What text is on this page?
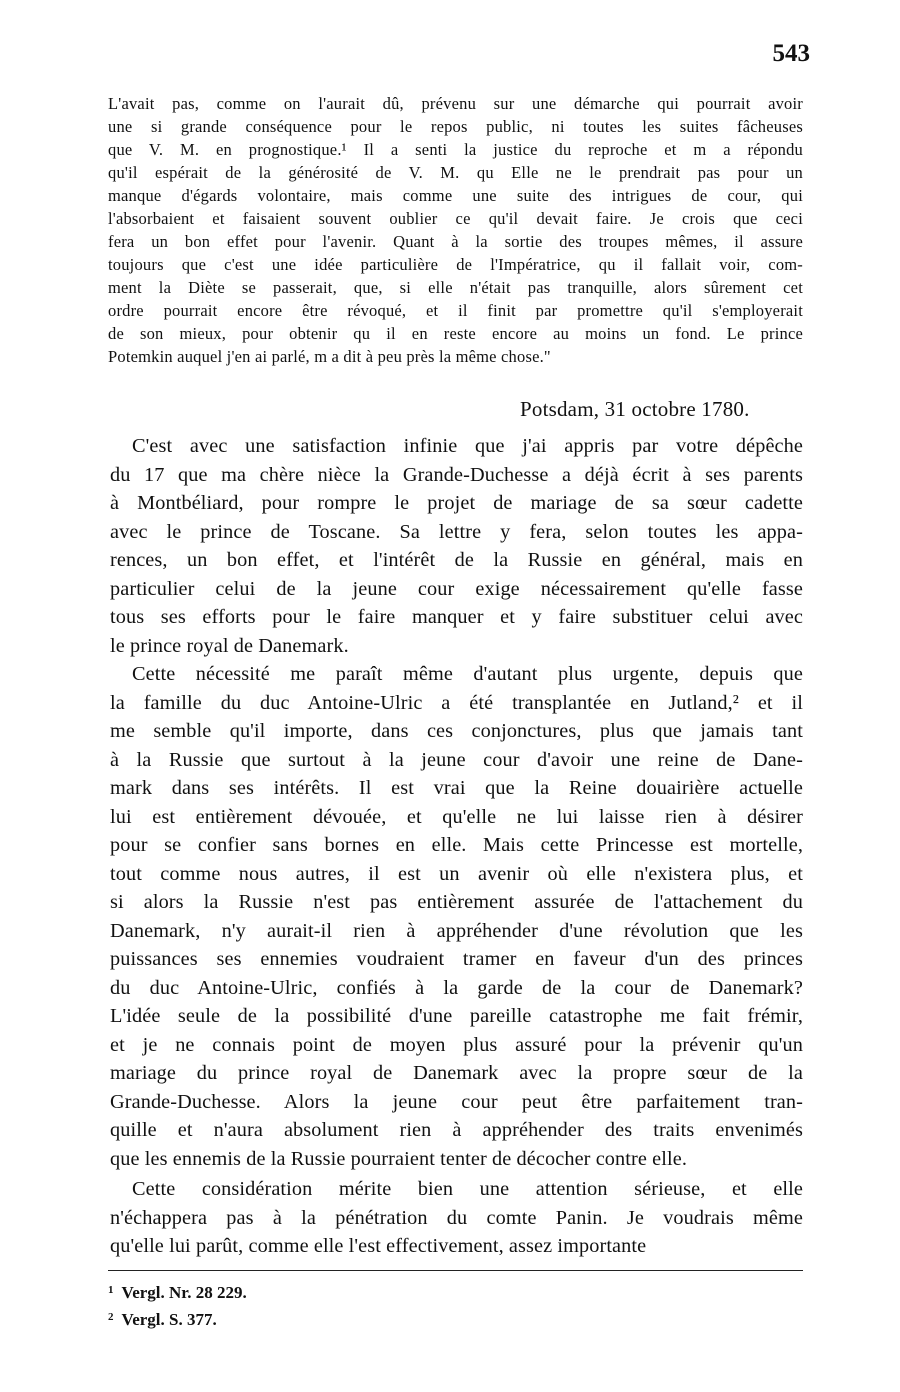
543
L'avait pas, comme on l'aurait dû, prévenu sur une démarche qui pourrait avoir
une si grande conséquence pour le repos public, ni toutes les suites fâcheuses
que V. M. en prognostique.¹ Il a senti la justice du reproche et m a répondu
qu'il espérait de la générosité de V. M. qu Elle ne le prendrait pas pour un
manque d'égards volontaire, mais comme une suite des intrigues de cour, qui
l'absorbaient et faisaient souvent oublier ce qu'il devait faire. Je crois que ceci
fera un bon effet pour l'avenir. Quant à la sortie des troupes mêmes, il assure
toujours que c'est une idée particulière de l'Impératrice, qu il fallait voir, com-
ment la Diète se passerait, que, si elle n'était pas tranquille, alors sûrement cet
ordre pourrait encore être révoqué, et il finit par promettre qu'il s'employerait
de son mieux, pour obtenir qu il en reste encore au moins un fond. Le prince
Potemkin auquel j'en ai parlé, m a dit à peu près la même chose."
Potsdam, 31 octobre 1780.
C'est avec une satisfaction infinie que j'ai appris par votre dépêche
du 17 que ma chère nièce la Grande-Duchesse a déjà écrit à ses parents
à Montbéliard, pour rompre le projet de mariage de sa sœur cadette
avec le prince de Toscane. Sa lettre y fera, selon toutes les appa-
rences, un bon effet, et l'intérêt de la Russie en général, mais en
particulier celui de la jeune cour exige nécessairement qu'elle fasse
tous ses efforts pour le faire manquer et y faire substituer celui avec
le prince royal de Danemark.
Cette nécessité me paraît même d'autant plus urgente, depuis que
la famille du duc Antoine-Ulric a été transplantée en Jutland,² et il
me semble qu'il importe, dans ces conjonctures, plus que jamais tant
à la Russie que surtout à la jeune cour d'avoir une reine de Dane-
mark dans ses intérêts. Il est vrai que la Reine douairière actuelle
lui est entièrement dévouée, et qu'elle ne lui laisse rien à désirer
pour se confier sans bornes en elle. Mais cette Princesse est mortelle,
tout comme nous autres, il est un avenir où elle n'existera plus, et
si alors la Russie n'est pas entièrement assurée de l'attachement du
Danemark, n'y aurait-il rien à appréhender d'une révolution que les
puissances ses ennemies voudraient tramer en faveur d'un des princes
du duc Antoine-Ulric, confiés à la garde de la cour de Danemark?
L'idée seule de la possibilité d'une pareille catastrophe me fait frémir,
et je ne connais point de moyen plus assuré pour la prévenir qu'un
mariage du prince royal de Danemark avec la propre sœur de la
Grande-Duchesse. Alors la jeune cour peut être parfaitement tran-
quille et n'aura absolument rien à appréhender des traits envenimés
que les ennemis de la Russie pourraient tenter de décocher contre elle.
Cette considération mérite bien une attention sérieuse, et elle
n'échappera pas à la pénétration du comte Panin. Je voudrais même
qu'elle lui parût, comme elle l'est effectivement, assez importante
$^1$ Vergl. Nr. 28 229.
$^2$ Vergl. S. 377.
